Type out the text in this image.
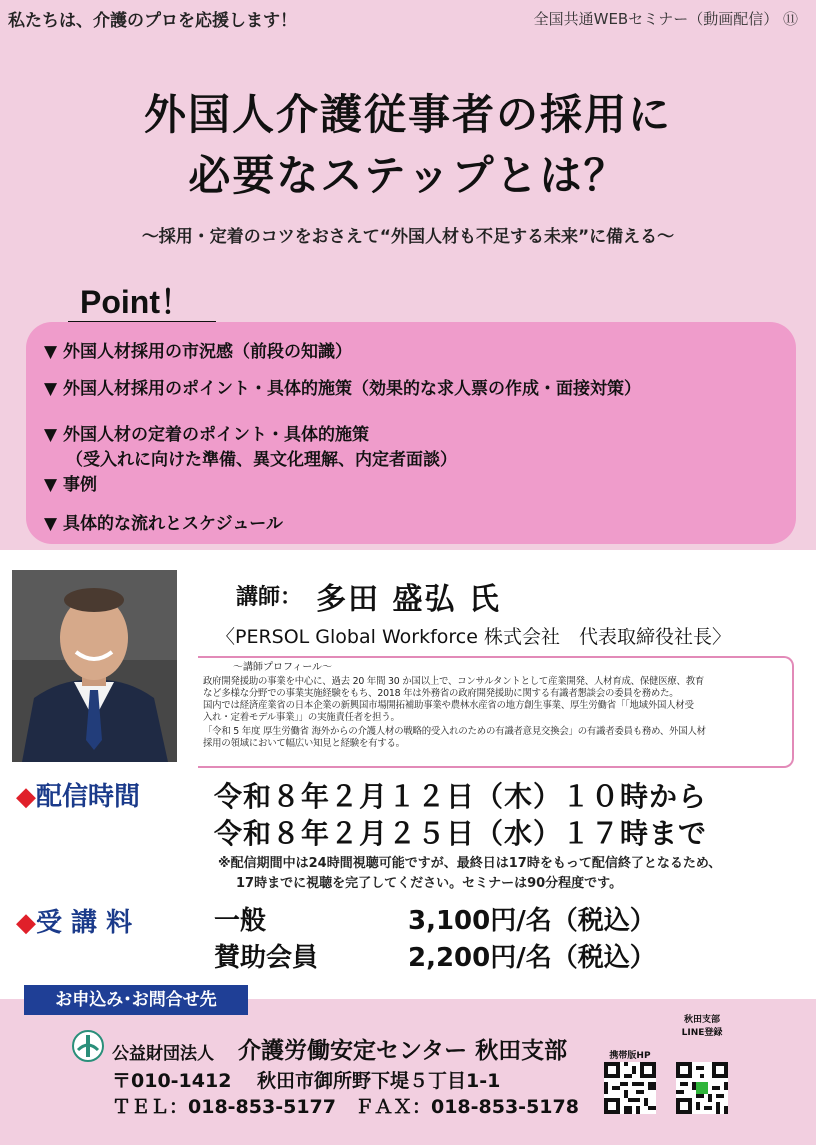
私たちは、介護のプロを応援します！	全国共通WEBセミナー（動画配信） ⑪
外国人介護従事者の採用に
必要なステップとは？
～採用・定着のコツをおさえて“外国人材も不足する未来”に備える～
Point！
▼ 外国人材採用の市況感（前段の知識）
▼ 外国人材採用のポイント・具体的施策（効果的な求人票の作成・面接対策）
▼ 外国人材の定着のポイント・具体的施策
（受入れに向けた準備、異文化理解、内定者面談）
▼ 事例
▼ 具体的な流れとスケジュール
講師： 多田 盛弘 氏
〈PERSOL Global Workforce 株式会社　代表取締役社長〉
～講師プロフィール～
政府開発援助の事業を中心に、過去 20 年間 30 か国以上で、コンサルタントとして産業開発、人材育成、保健医療、教育
など多様な分野での事業実施経験をもち、2018 年は外務省の政府開発援助に関する有識者懇談会の委員を務めた。
国内では経済産業省の日本企業の新興国市場開拓補助事業や農林水産省の地方創生事業、厚生労働省「「地域外国人材受
入れ・定着モデル事業」」の実施責任者を担う。
「令和 5 年度 厚生労働省 海外からの介護人材の戦略的受入れのための有識者意見交換会」の有識者委員も務め、外国人材
採用の領域において幅広い知見と経験を有する。
◆配信時間	令和８年２月１２日（木）１０時から
令和８年２月２５日（水）１７時まで
※配信期間中は24時間視聴可能ですが、最終日は17時をもって配信終了となるため、
17時までに視聴を完了してください。セミナーは90分程度です。
◆受 講 料	一般	3,100円/名（税込）
賛助会員	2,200円/名（税込）
お申込み･お問合せ先
公益財団法人 介護労働安定センター 秋田支部
〒010-1412　 秋田市御所野下堤５丁目1-1
ＴＥＬ：018-853-5177　ＦＡＸ：018-853-5178
携帯版HP
秋田支部
LINE登録
